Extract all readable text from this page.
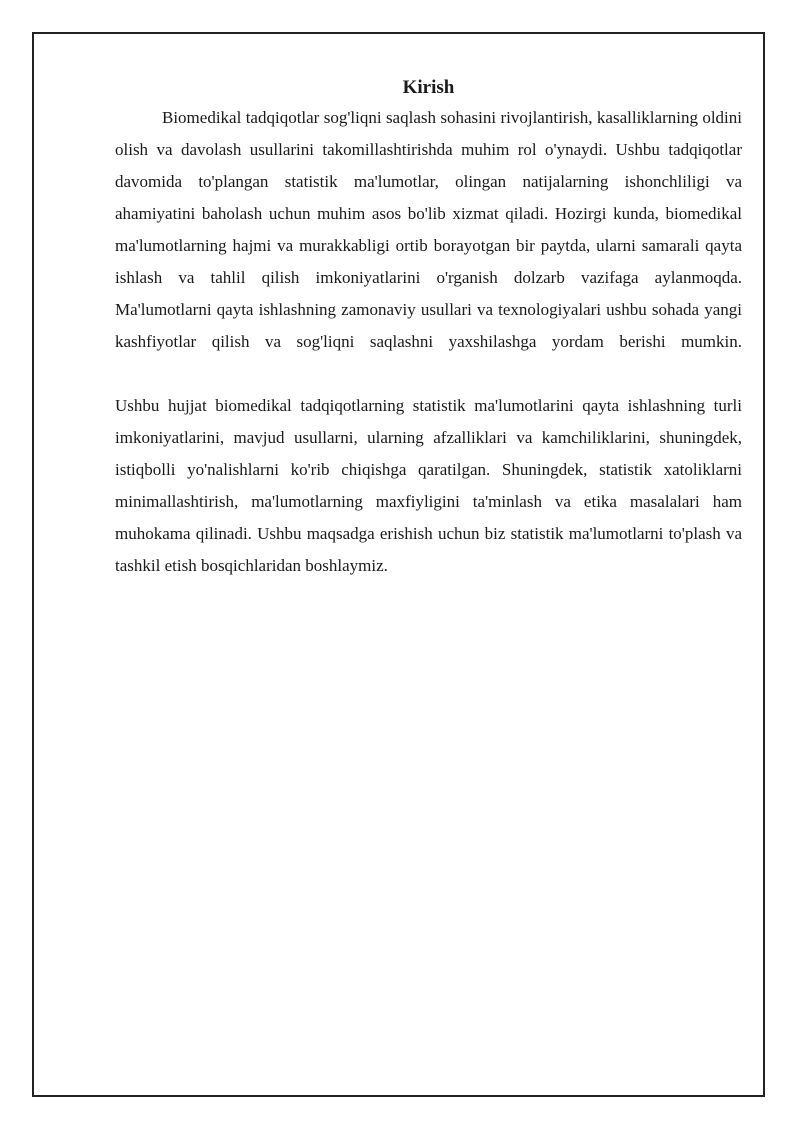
Kirish

Biomedikal tadqiqotlar sog'liqni saqlash sohasini rivojlantirish, kasalliklarning oldini olish va davolash usullarini takomillashtirishda muhim rol o'ynaydi. Ushbu tadqiqotlar davomida to'plangan statistik ma'lumotlar, olingan natijalarning ishonchliligi va ahamiyatini baholash uchun muhim asos bo'lib xizmat qiladi. Hozirgi kunda, biomedikal ma'lumotlarning hajmi va murakkabligi ortib borayotgan bir paytda, ularni samarali qayta ishlash va tahlil qilish imkoniyatlarini o'rganish dolzarb vazifaga aylanmoqda. Ma'lumotlarni qayta ishlashning zamonaviy usullari va texnologiyalari ushbu sohada yangi kashfiyotlar qilish va sog'liqni saqlashni yaxshilashga yordam berishi mumkin.

Ushbu hujjat biomedikal tadqiqotlarning statistik ma'lumotlarini qayta ishlashning turli imkoniyatlarini, mavjud usullarni, ularning afzalliklari va kamchiliklarini, shuningdek, istiqbolli yo'nalishlarni ko'rib chiqishga qaratilgan. Shuningdek, statistik xatoliklarni minimallashtirish, ma'lumotlarning maxfiyligini ta'minlash va etika masalalari ham muhokama qilinadi. Ushbu maqsadga erishish uchun biz statistik ma'lumotlarni to'plash va tashkil etish bosqichlaridan boshlaymiz.
